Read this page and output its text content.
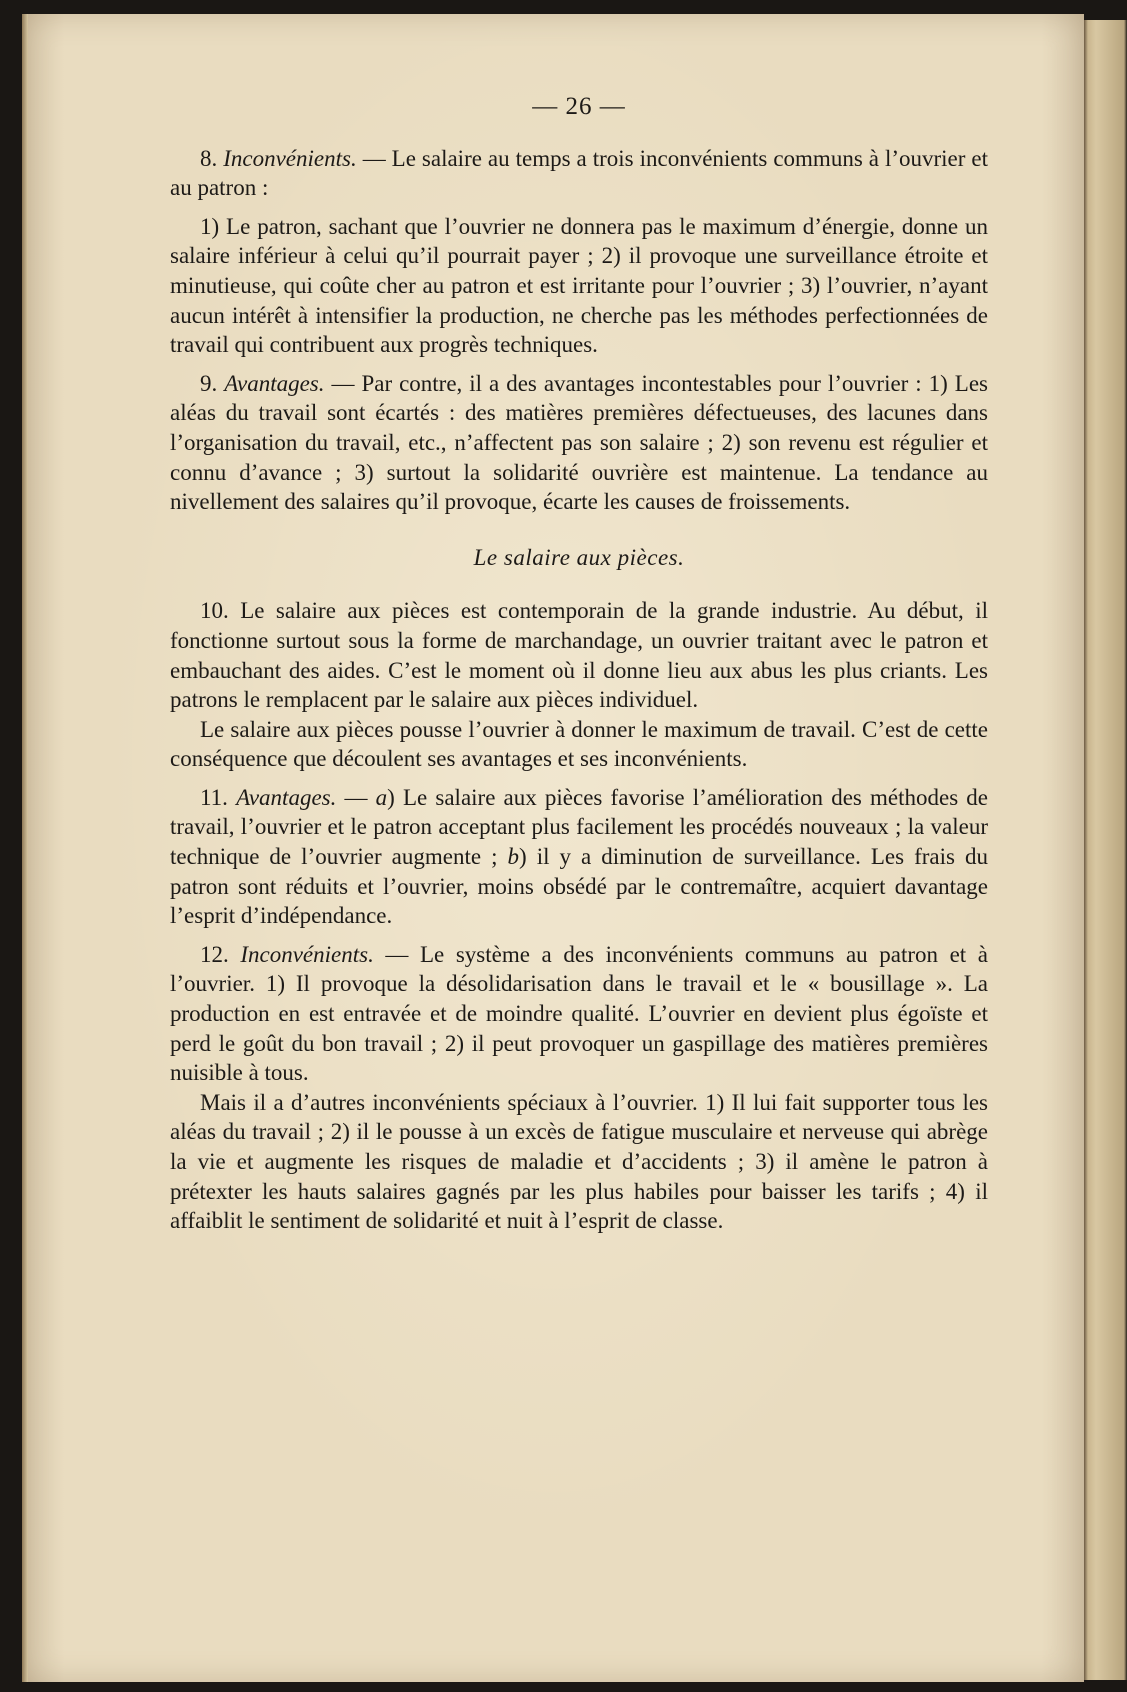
— 26 —

8. Inconvénients. — Le salaire au temps a trois inconvénients communs à l’ouvrier et au patron :

1) Le patron, sachant que l’ouvrier ne donnera pas le maximum d’énergie, donne un salaire inférieur à celui qu’il pourrait payer ; 2) il provoque une surveillance étroite et minutieuse, qui coûte cher au patron et est irritante pour l’ouvrier ; 3) l’ouvrier, n’ayant aucun intérêt à intensifier la production, ne cherche pas les méthodes perfectionnées de travail qui contribuent aux progrès techniques.

9. Avantages. — Par contre, il a des avantages incontestables pour l’ouvrier : 1) Les aléas du travail sont écartés : des matières premières défectueuses, des lacunes dans l’organisation du travail, etc., n’affectent pas son salaire ; 2) son revenu est régulier et connu d’avance ; 3) surtout la solidarité ouvrière est maintenue. La tendance au nivellement des salaires qu’il provoque, écarte les causes de froissements.

Le salaire aux pièces.

10. Le salaire aux pièces est contemporain de la grande industrie. Au début, il fonctionne surtout sous la forme de marchandage, un ouvrier traitant avec le patron et embauchant des aides. C’est le moment où il donne lieu aux abus les plus criants. Les patrons le remplacent par le salaire aux pièces individuel.

Le salaire aux pièces pousse l’ouvrier à donner le maximum de travail. C’est de cette conséquence que découlent ses avantages et ses inconvénients.

11. Avantages. — a) Le salaire aux pièces favorise l’amélioration des méthodes de travail, l’ouvrier et le patron acceptant plus facilement les procédés nouveaux ; la valeur technique de l’ouvrier augmente ; b) il y a diminution de surveillance. Les frais du patron sont réduits et l’ouvrier, moins obsédé par le contremaître, acquiert davantage l’esprit d’indépendance.

12. Inconvénients. — Le système a des inconvénients communs au patron et à l’ouvrier. 1) Il provoque la désolidarisation dans le travail et le « bousillage ». La production en est entravée et de moindre qualité. L’ouvrier en devient plus égoïste et perd le goût du bon travail ; 2) il peut provoquer un gaspillage des matières premières nuisible à tous.

Mais il a d’autres inconvénients spéciaux à l’ouvrier. 1) Il lui fait supporter tous les aléas du travail ; 2) il le pousse à un excès de fatigue musculaire et nerveuse qui abrège la vie et augmente les risques de maladie et d’accidents ; 3) il amène le patron à prétexter les hauts salaires gagnés par les plus habiles pour baisser les tarifs ; 4) il affaiblit le sentiment de solidarité et nuit à l’esprit de classe.
